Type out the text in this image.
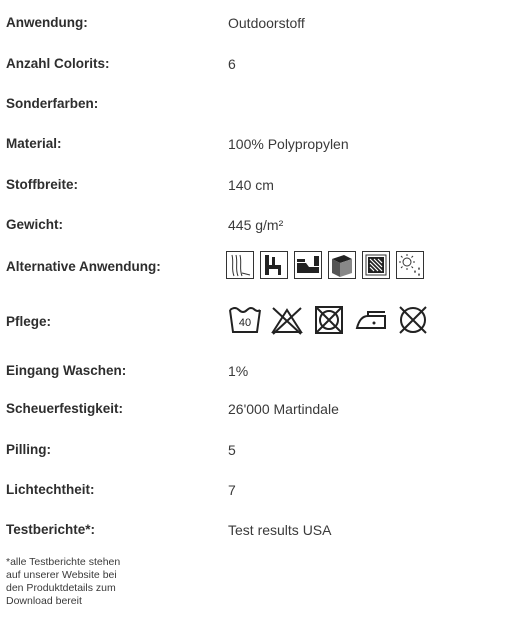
Anwendung:	Outdoorstoff
Anzahl Colorits:	6
Sonderfarben:
Material:	100% Polypropylen
Stoffbreite:	140 cm
Gewicht:	445 g/m²
Alternative Anwendung:
Pflege:	40
Eingang Waschen:	1%
Scheuerfestigkeit:	26'000 Martindale
Pilling:	5
Lichtechtheit:	7
Testberichte*:	Test results USA
*alle Testberichte stehen
auf unserer Website bei
den Produktdetails zum
Download bereit
